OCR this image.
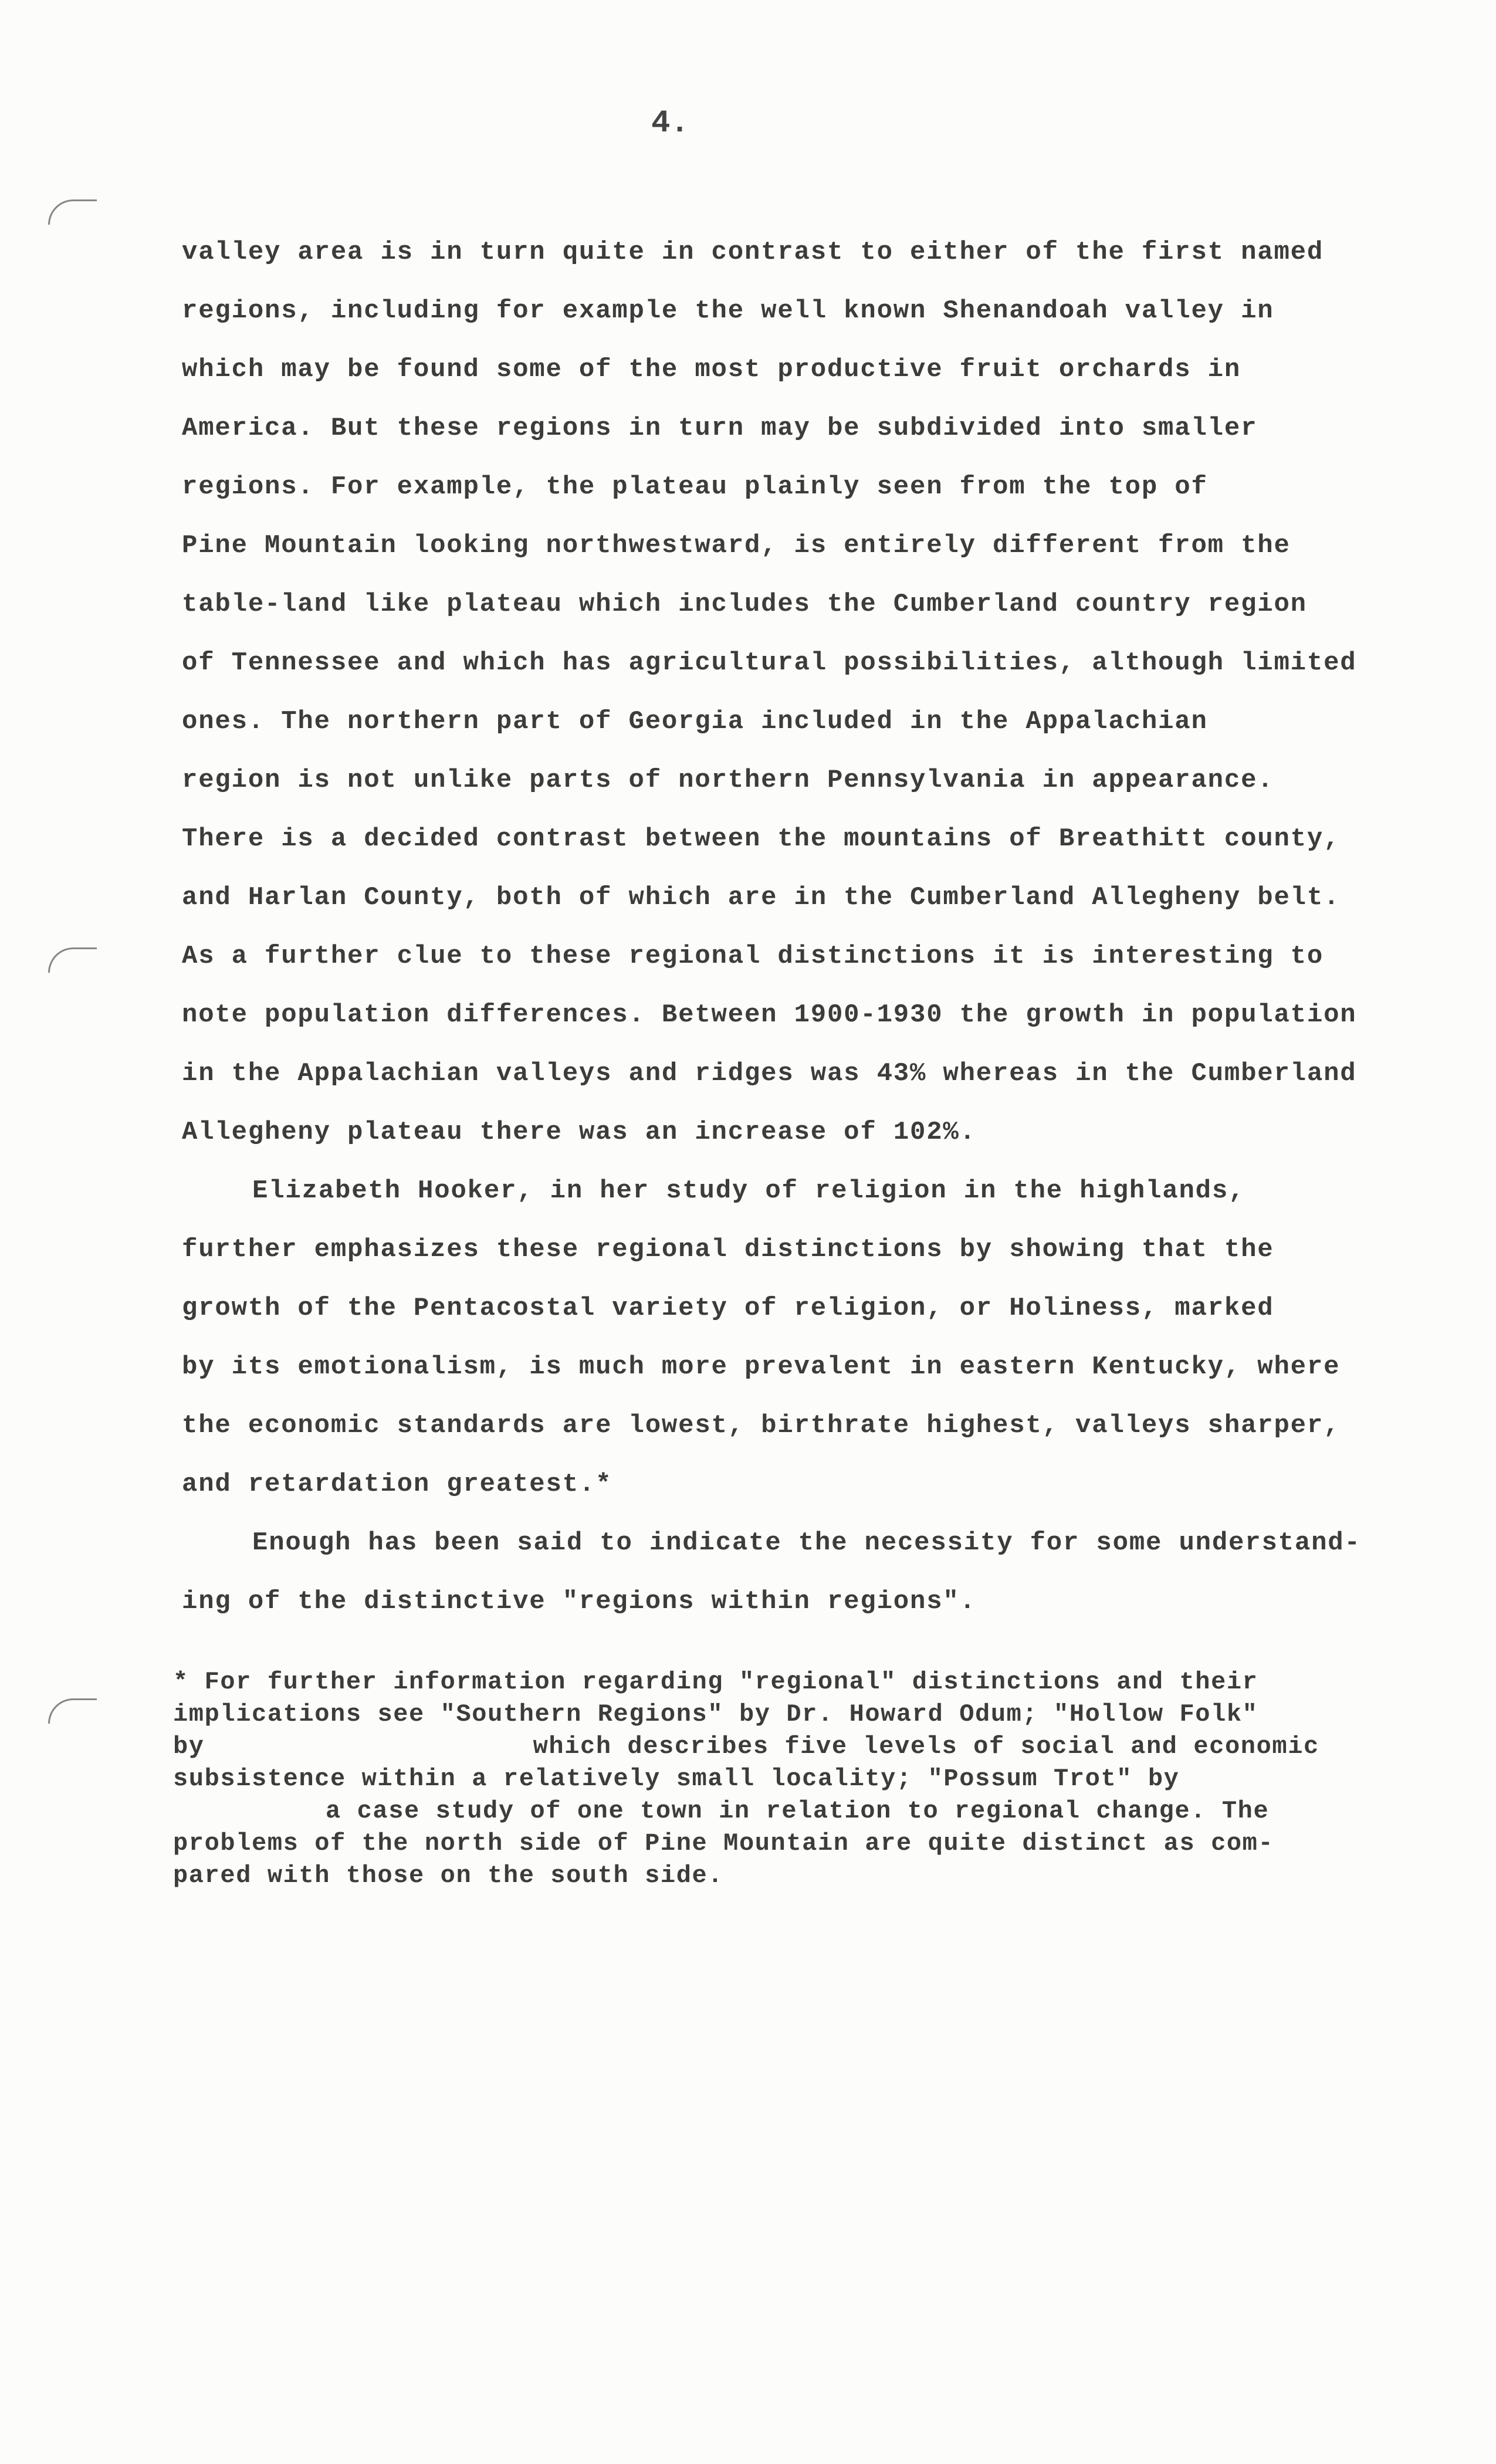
4.
valley area is in turn quite in contrast to either of the first named
regions, including for example the well known Shenandoah valley in
which may be found some of the most productive fruit orchards in
America. But these regions in turn may be subdivided into smaller
regions. For example, the plateau plainly seen from the top of
Pine Mountain looking northwestward, is entirely different from the
table-land like plateau which includes the Cumberland country region
of Tennessee and which has agricultural possibilities, although limited
ones. The northern part of Georgia included in the Appalachian
region is not unlike parts of northern Pennsylvania in appearance.
There is a decided contrast between the mountains of Breathitt county,
and Harlan County, both of which are in the Cumberland Allegheny belt.
As a further clue to these regional distinctions it is interesting to
note population differences. Between 1900-1930 the growth in population
in the Appalachian valleys and ridges was 43% whereas in the Cumberland
Allegheny plateau there was an increase of 102%.
Elizabeth Hooker, in her study of religion in the highlands,
further emphasizes these regional distinctions by showing that the
growth of the Pentacostal variety of religion, or Holiness, marked
by its emotionalism, is much more prevalent in eastern Kentucky, where
the economic standards are lowest, birthrate highest, valleys sharper,
and retardation greatest.*
Enough has been said to indicate the necessity for some understand-
ing of the distinctive "regions within regions".
* For further information regarding "regional" distinctions and their
implications see "Southern Regions" by Dr. Howard Odum; "Hollow Folk"
by	which describes five levels of social and economic
subsistence within a relatively small locality; "Possum Trot" by
a case study of one town in relation to regional change. The
problems of the north side of Pine Mountain are quite distinct as com-
pared with those on the south side.
